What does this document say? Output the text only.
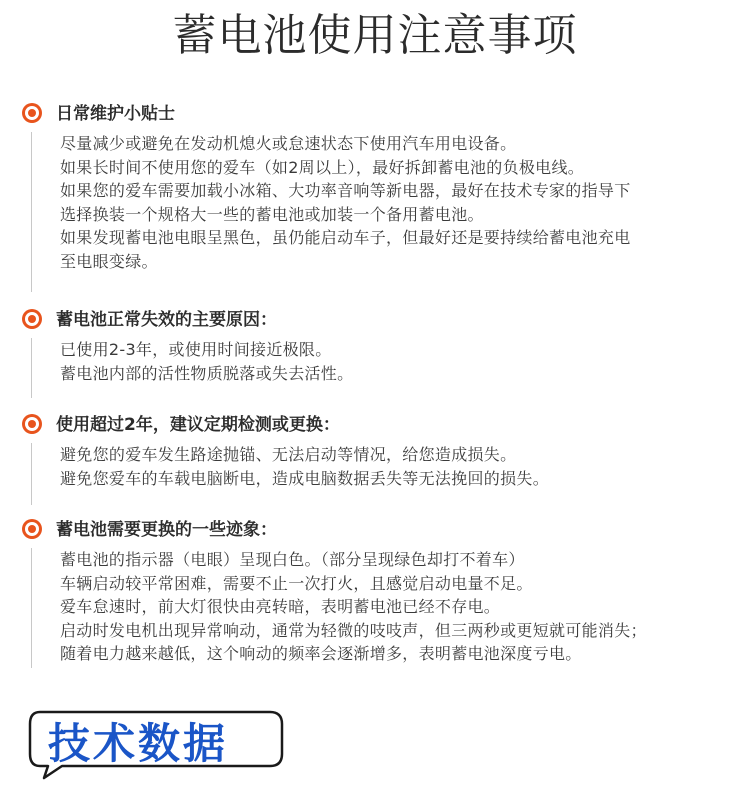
蓄电池使用注意事项
日常维护小贴士
尽量减少或避免在发动机熄火或怠速状态下使用汽车用电设备。
如果长时间不使用您的爱车（如2周以上），最好拆卸蓄电池的负极电线。
如果您的爱车需要加载小冰箱、大功率音响等新电器，最好在技术专家的指导下
选择换装一个规格大一些的蓄电池或加装一个备用蓄电池。
如果发现蓄电池电眼呈黑色，虽仍能启动车子，但最好还是要持续给蓄电池充电
至电眼变绿。
蓄电池正常失效的主要原因：
已使用2-3年，或使用时间接近极限。
蓄电池内部的活性物质脱落或失去活性。
使用超过2年，建议定期检测或更换：
避免您的爱车发生路途抛锚、无法启动等情况，给您造成损失。
避免您爱车的车载电脑断电，造成电脑数据丢失等无法挽回的损失。
蓄电池需要更换的一些迹象：
蓄电池的指示器（电眼）呈现白色。（部分呈现绿色却打不着车）
车辆启动较平常困难，需要不止一次打火，且感觉启动电量不足。
爱车怠速时，前大灯很快由亮转暗，表明蓄电池已经不存电。
启动时发电机出现异常响动，通常为轻微的吱吱声，但三两秒或更短就可能消失；
随着电力越来越低，这个响动的频率会逐渐增多，表明蓄电池深度亏电。
技术数据
